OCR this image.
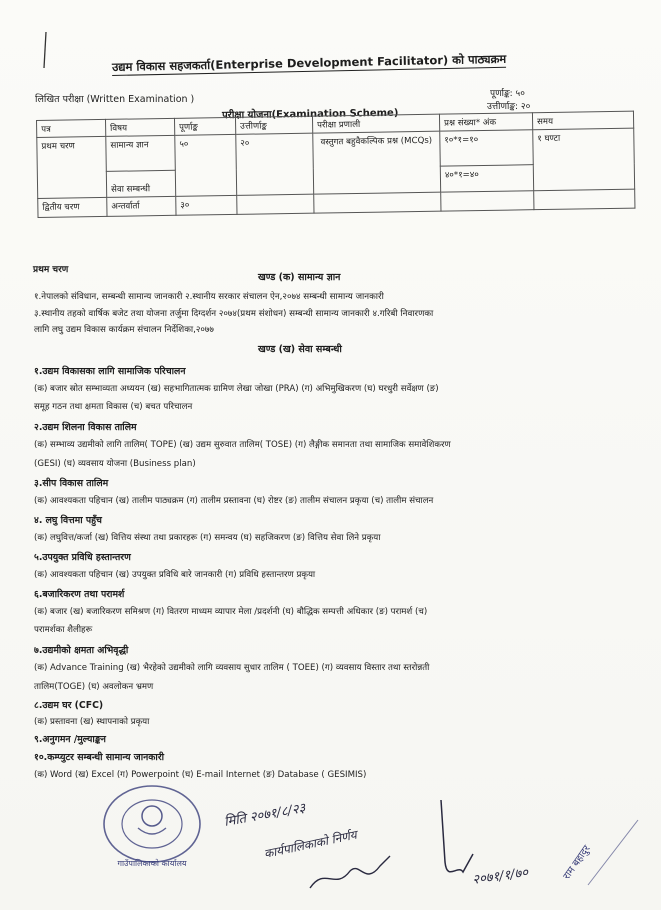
उद्यम विकास सहजकर्ता(Enterprise Development Facilitator) को पाठ्यक्रम
पूर्णाङ्क: ५०
लिखित परीक्षा (Written Examination )
उत्तीर्णाङ्क: २०
परीक्षा योजना(Examination Scheme)
पत्र	विषय	पूर्णाङ्क	उत्तीर्णाङ्क	परीक्षा प्रणाली	प्रश्न संख्या* अंक	समय
प्रथम चरण	सामान्य ज्ञान	५०	२०	वस्तुगत बहुवैकल्पिक प्रश्न (MCQs)	१०*१=१०	१ घण्टा
	सेवा सम्बन्धी				४०*१=४०	
द्वितीय चरण	अन्तर्वार्ता	३०				
प्रथम चरण
खण्ड (क) सामान्य ज्ञान
१.नेपालको संविधान, सम्बन्धी सामान्य जानकारी २.स्थानीय सरकार संचालन ऐन,२०७४ सम्बन्धी सामान्य जानकारी
३.स्थानीय तहको वार्षिक बजेट तथा योजना तर्जुमा दिग्दर्शन २०७४(प्रथम संशोधन) सम्बन्धी सामान्य जानकारी ४.गरिबी निवारणका
लागि लघु उद्यम विकास कार्यक्रम संचालन निर्देशिका,२०७७
खण्ड (ख) सेवा सम्बन्धी
१.उद्यम विकासका लागि सामाजिक परिचालन
(क) बजार स्रोत सम्भाव्यता अध्ययन (ख) सहभागितात्मक ग्रामिण लेखा जोखा (PRA) (ग) अभिमुखिकरण (घ) घरधुरी सर्वेक्षण (ङ)
समूह गठन तथा क्षमता विकास (च) बचत परिचालन
२.उद्यम शिलना विकास तालिम
(क) सम्भाव्य उद्यमीको लागि तालिम( TOPE) (ख) उद्यम सुरुवात तालिम( TOSE) (ग) लैङ्गीक समानता तथा सामाजिक समावेशिकरण
(GESI) (घ) व्यवसाय योजना (Business plan)
३.सीप विकास तालिम
(क) आवश्यकता पहिचान (ख) तालीम पाठ्यक्रम (ग) तालीम प्रस्तावना (घ) रोष्टर (ङ) तालीम संचालन प्रकृया (च) तालीम संचालन
४. लघु वित्तमा पहुँच
(क) लघुवित्त/कर्जा (ख) वित्तिय संस्था तथा प्रकारहरू (ग) समन्वय (घ) सहजिकरण (ङ) वित्तिय सेवा लिने प्रकृया
५.उपयुक्त प्रविधि हस्तान्तरण
(क) आवश्यकता पहिचान (ख) उपयुक्त प्रविधि बारे जानकारी (ग) प्रविधि हस्तान्तरण प्रकृया
६.बजारिकरण तथा परामर्श
(क) बजार (ख) बजारिकरण समिश्रण (ग) वितरण माध्यम व्यापार मेला /प्रदर्शनी (घ) बौद्धिक सम्पत्ती अधिकार (ङ) परामर्श (च)
परामर्शका शैलीहरू
७.उद्यमीको क्षमता अभिवृद्धी
(क) Advance Training (ख) भैरहेको उद्यमीको लागि व्यवसाय सुधार तालिम ( TOEE) (ग) व्यवसाय विस्तार तथा स्तरोन्नती
तालिम(TOGE) (घ) अवलोकन भ्रमण
८.उद्यम घर (CFC)
(क) प्रस्तावना (ख) स्थापनाको प्रकृया
९.अनुगमन /मुल्याङ्कन
१०.कम्प्युटर सम्बन्धी सामान्य जानकारी
(क) Word (ख) Excel (ग) Powerpoint (घ) E-mail Internet (ङ) Database ( GESIMIS)
गाउँपालिकाको कार्यालय
मिति २०७१/८/२३
कार्यपालिकाको निर्णय
२०७१/१/७०	राम बहादुर
